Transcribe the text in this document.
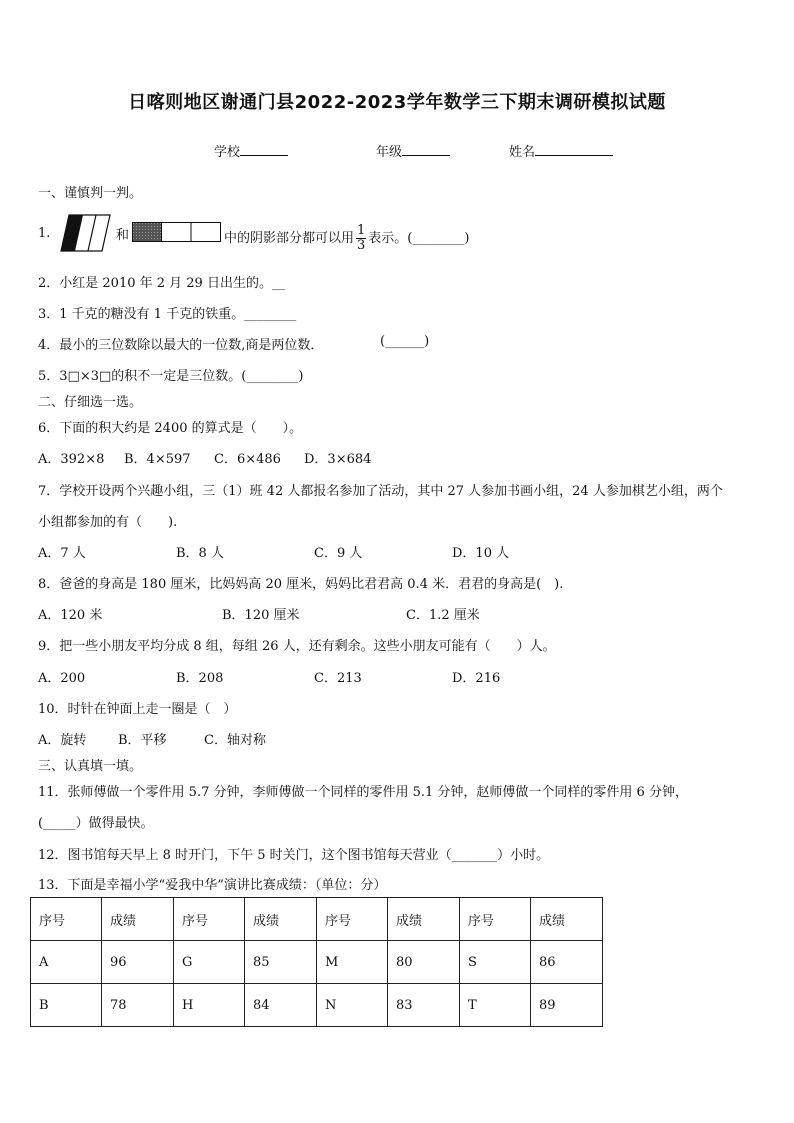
日喀则地区谢通门县2022-2023学年数学三下期末调研模拟试题
学校	年级	姓名
一、谨慎判一判。
1.	和	中的阴影部分都可以用 $\frac{1}{3}$ 表示。(________)
2．小红是 2010 年 2 月 29 日出生的。__
3．1 千克的糖没有 1 千克的铁重。________
4．最小的三位数除以最大的一位数,商是两位数．	(______)
5．3□×3□的积不一定是三位数。(________)
二、仔细选一选。
6．下面的积大约是 2400 的算式是（　　）。
A．392×8 B．4×597 C．6×486 D．3×684
7．学校开设两个兴趣小组，三（1）班 42 人都报名参加了活动，其中 27 人参加书画小组，24 人参加棋艺小组，两个
小组都参加的有（　　).
A．7 人	B．8 人	C．9 人	D．10 人
8．爸爸的身高是 180 厘米，比妈妈高 20 厘米，妈妈比君君高 0.4 米．君君的身高是(　).
A．120 米	B．120 厘米	C．1.2 厘米
9．把一些小朋友平均分成 8 组，每组 26 人，还有剩余。这些小朋友可能有（　　）人。
A．200	B．208	C．213	D．216
10．时针在钟面上走一圈是（　）
A．旋转 B．平移	C．轴对称
三、认真填一填。
11．张师傅做一个零件用 5.7 分钟，李师傅做一个同样的零件用 5.1 分钟，赵师傅做一个同样的零件用 6 分钟，
(_____）做得最快。
12．图书馆每天早上 8 时开门，下午 5 时关门，这个图书馆每天营业（_______）小时。
13．下面是幸福小学“爱我中华”演讲比赛成绩：（单位：分）
序号	成绩	序号	成绩	序号	成绩	序号	成绩
A	96	G	85	M	80	S	86
B	78	H	84	N	83	T	89
